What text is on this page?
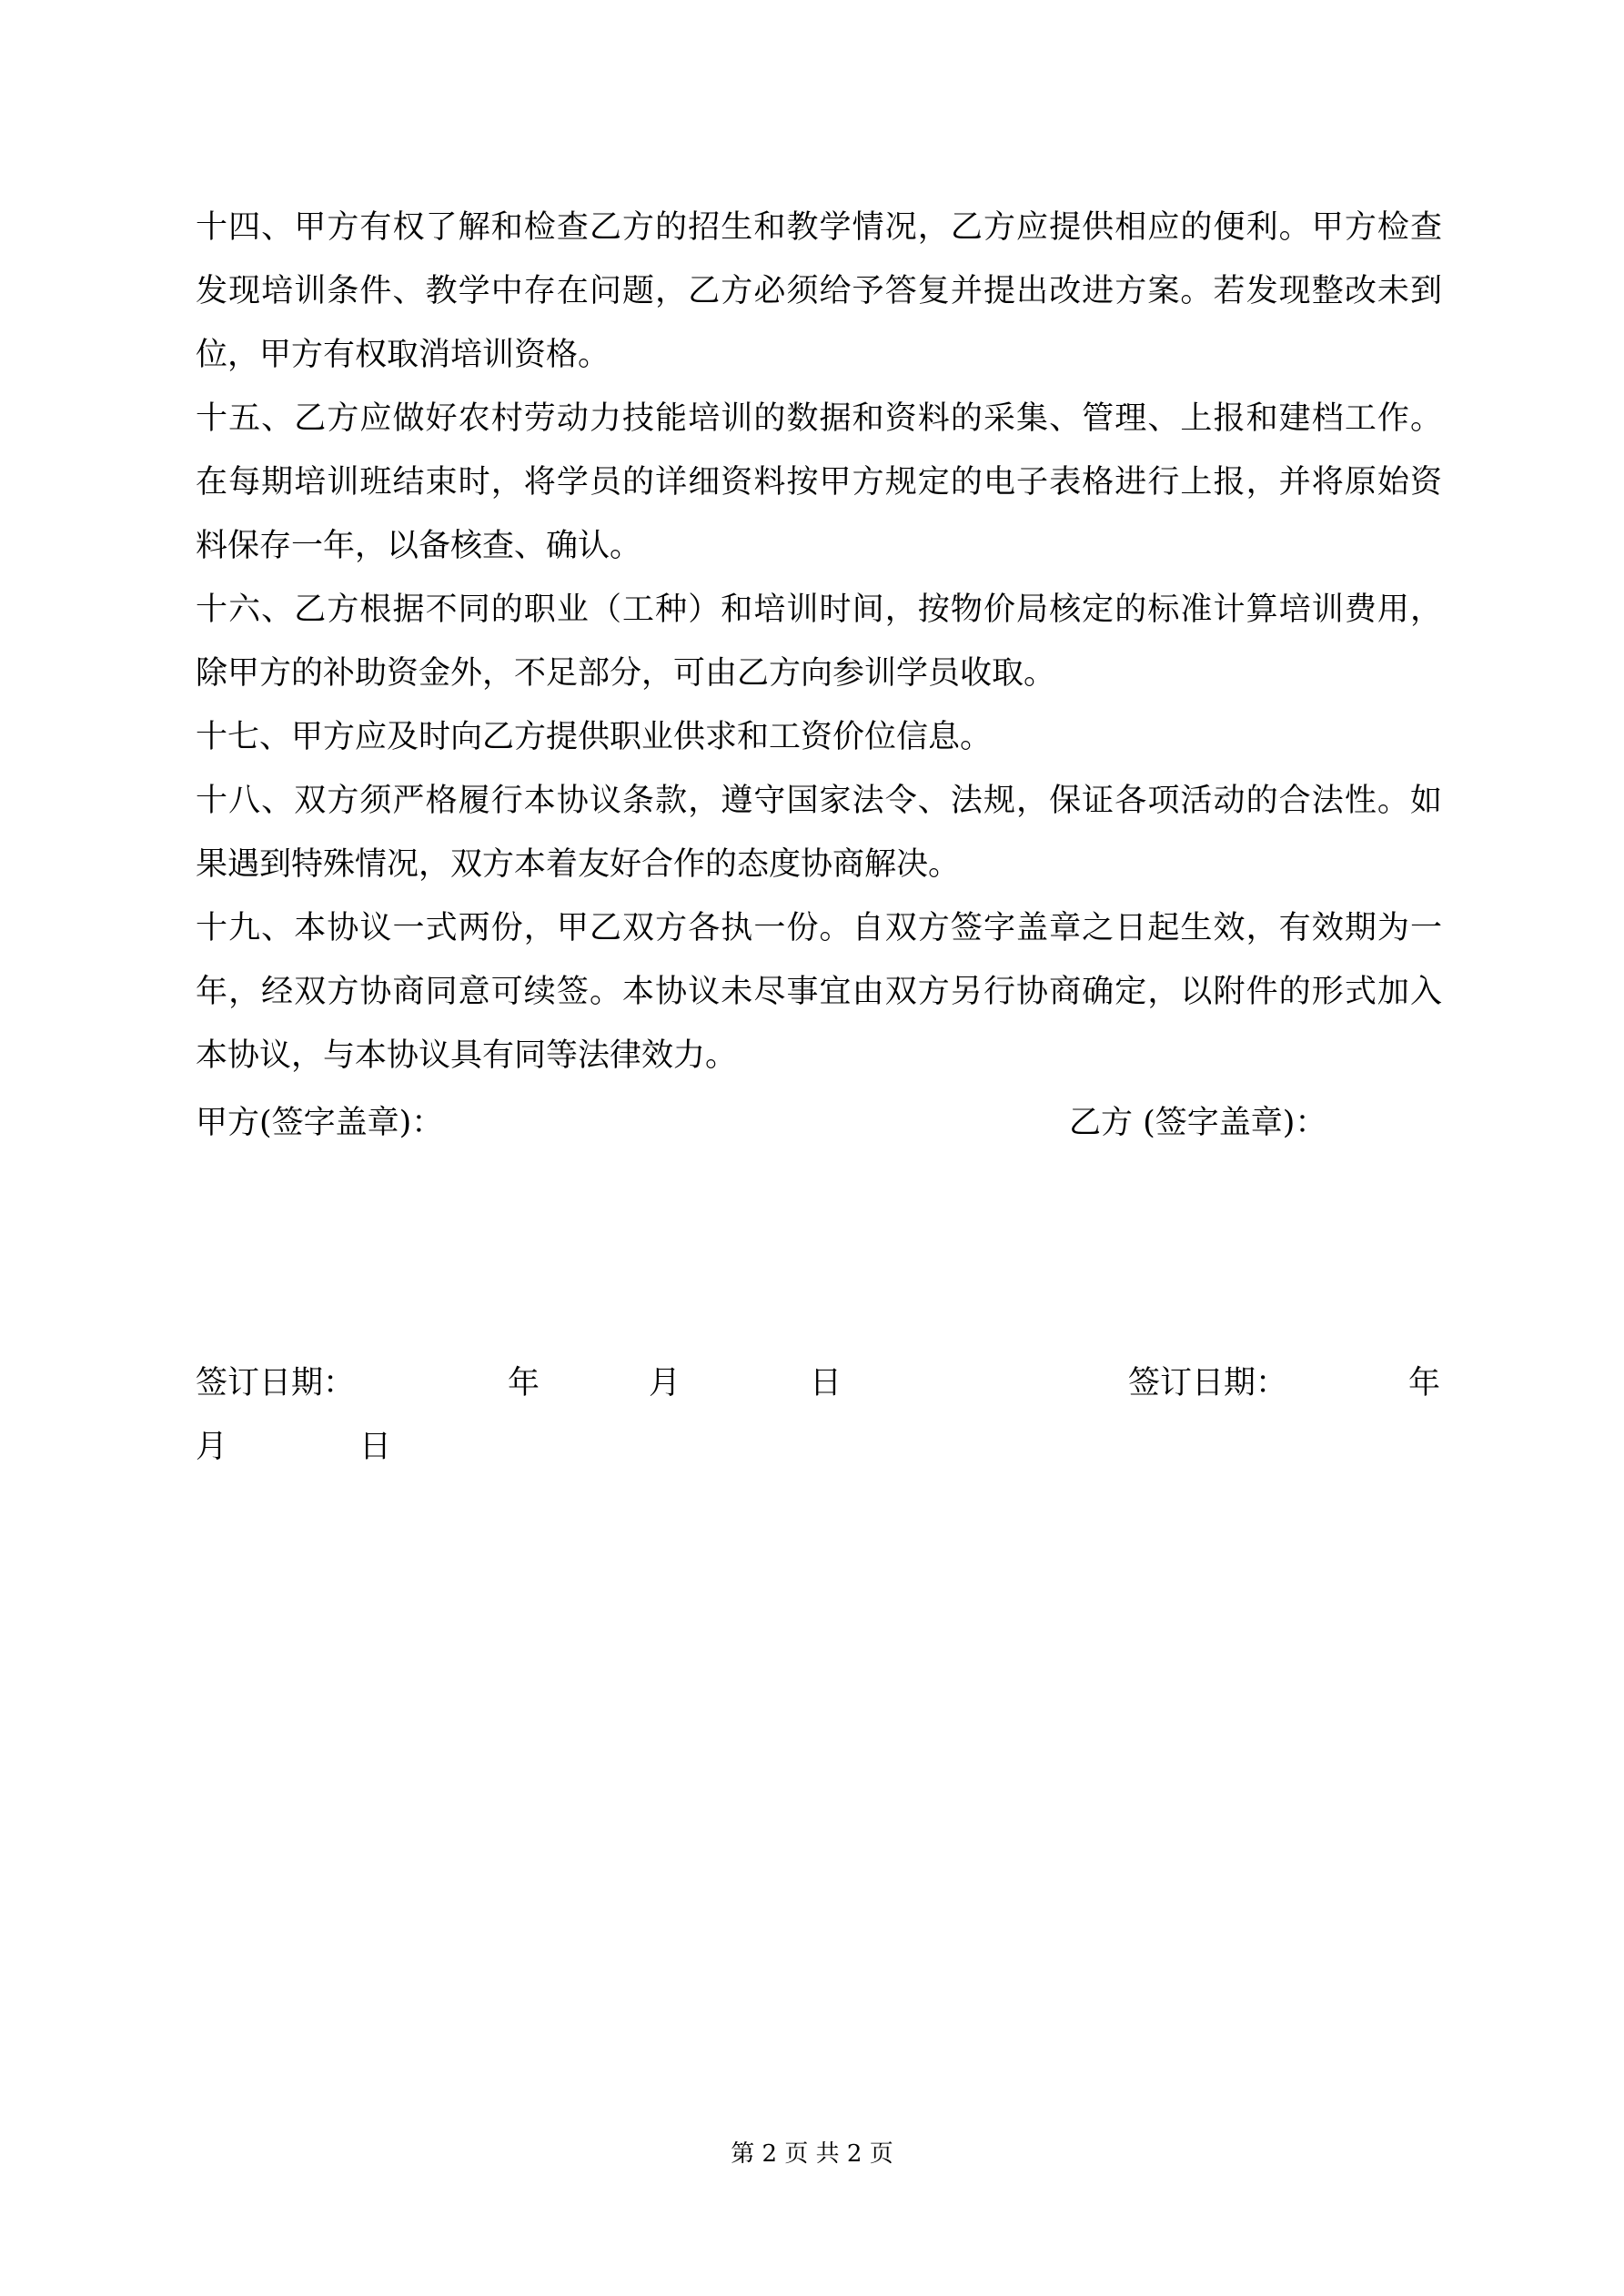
十四、甲方有权了解和检查乙方的招生和教学情况，乙方应提供相应的便利。甲方检查
发现培训条件、教学中存在问题，乙方必须给予答复并提出改进方案。若发现整改未到
位，甲方有权取消培训资格。
十五、乙方应做好农村劳动力技能培训的数据和资料的采集、管理、上报和建档工作。
在每期培训班结束时，将学员的详细资料按甲方规定的电子表格进行上报，并将原始资
料保存一年，以备核查、确认。
十六、乙方根据不同的职业（工种）和培训时间，按物价局核定的标准计算培训费用，
除甲方的补助资金外，不足部分，可由乙方向参训学员收取。
十七、甲方应及时向乙方提供职业供求和工资价位信息。
十八、双方须严格履行本协议条款，遵守国家法令、法规，保证各项活动的合法性。如
果遇到特殊情况，双方本着友好合作的态度协商解决。
十九、本协议一式两份，甲乙双方各执一份。自双方签字盖章之日起生效，有效期为一
年，经双方协商同意可续签。本协议未尽事宜由双方另行协商确定，以附件的形式加入
本协议，与本协议具有同等法律效力。
甲方(签字盖章)：	乙方 (签字盖章)：
签订日期：	年	月	日	签订日期：	年
月	日
第 2 页 共 2 页
